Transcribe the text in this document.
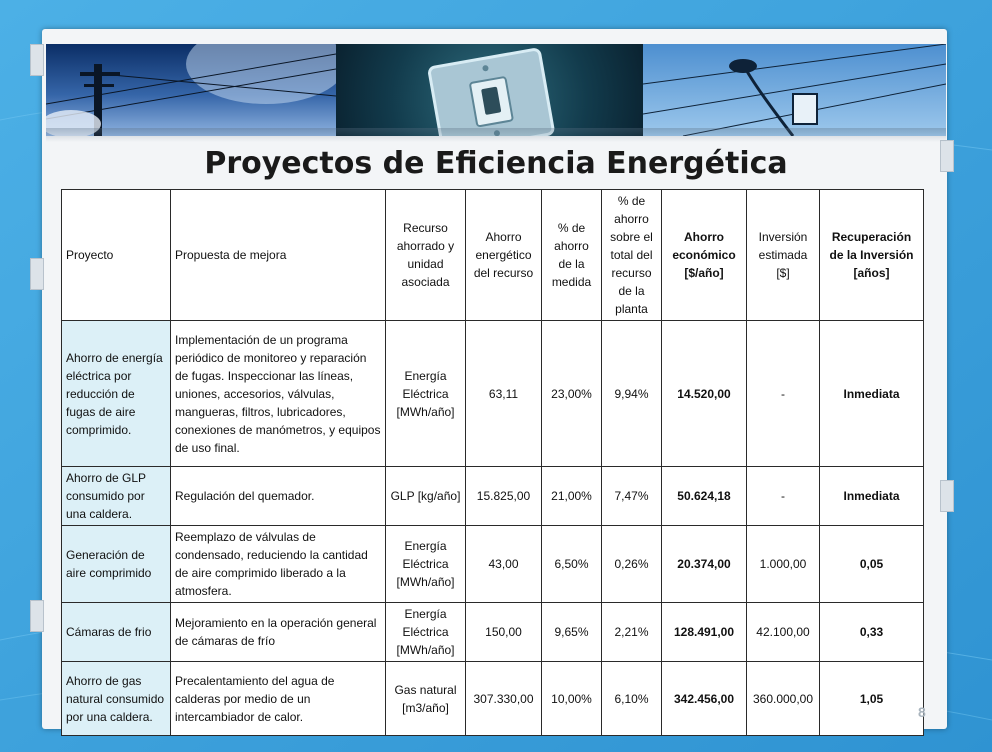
Proyectos de Eficiencia Energética
Proyecto	Propuesta de mejora	Recurso ahorrado y unidad asociada	Ahorro energético del recurso	% de ahorro de la medida	% de ahorro sobre el total del recurso de la planta	Ahorro económico [$/año]	Inversión estimada [$]	Recuperación de la Inversión [años]
Ahorro de energía eléctrica por reducción de fugas de aire comprimido.	Implementación de un programa periódico de monitoreo y reparación de fugas. Inspeccionar las líneas, uniones, accesorios, válvulas, mangueras, filtros, lubricadores, conexiones de manómetros, y equipos de uso final.	Energía Eléctrica [MWh/año]	63,11	23,00%	9,94%	14.520,00	-	Inmediata
Ahorro de GLP consumido por una caldera.	Regulación del quemador.	GLP [kg/año]	15.825,00	21,00%	7,47%	50.624,18	-	Inmediata
Generación de aire comprimido	Reemplazo de válvulas de condensado, reduciendo la cantidad de aire comprimido liberado a la atmosfera.	Energía Eléctrica [MWh/año]	43,00	6,50%	0,26%	20.374,00	1.000,00	0,05
Cámaras de frio	Mejoramiento en la operación general de cámaras de frío	Energía Eléctrica [MWh/año]	150,00	9,65%	2,21%	128.491,00	42.100,00	0,33
Ahorro de gas natural consumido por una caldera.	Precalentamiento del agua de calderas por medio de un intercambiador de calor.	Gas natural [m3/año]	307.330,00	10,00%	6,10%	342.456,00	360.000,00	1,05
8
